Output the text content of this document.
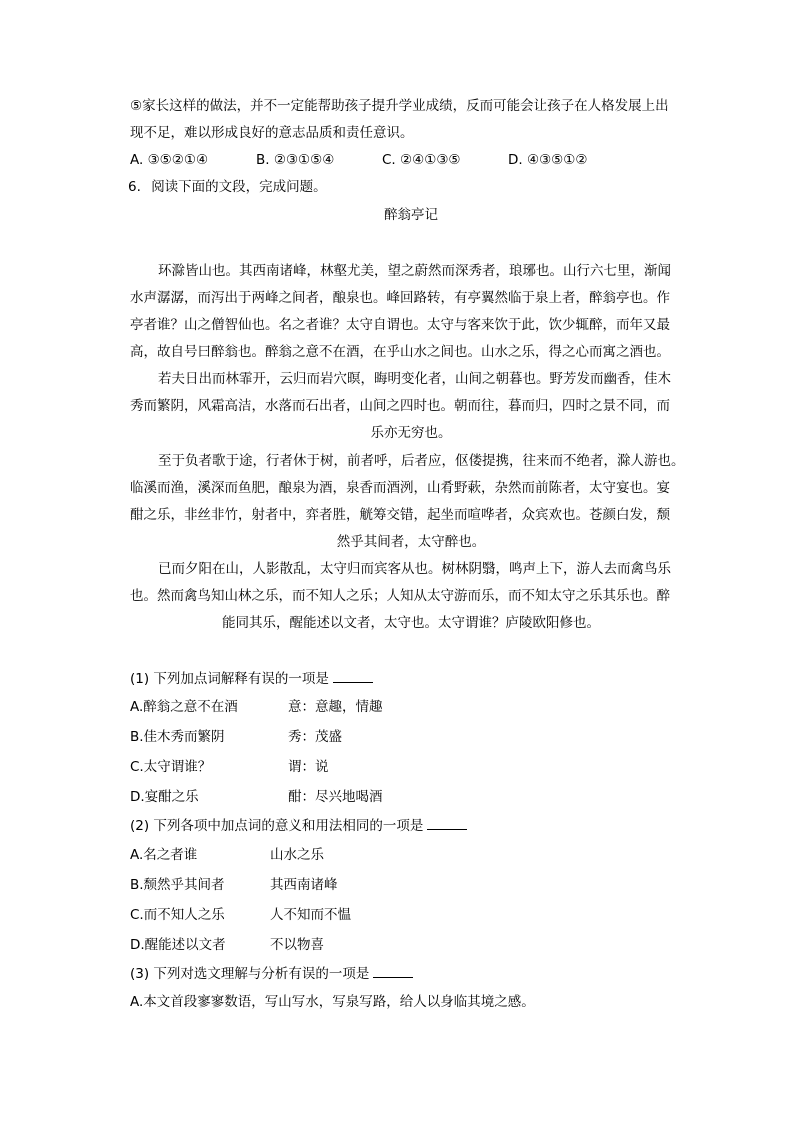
⑤家长这样的做法，并不一定能帮助孩子提升学业成绩，反而可能会让孩子在人格发展上出
现不足，难以形成良好的意志品质和责任意识。
A. ③⑤②①④	B. ②③①⑤④	C. ②④①③⑤	D. ④③⑤①②
6. 阅读下面的文段，完成问题。
醉翁亭记
环滁皆山也。其西南诸峰，林壑尤美，望之蔚然而深秀者，琅琊也。山行六七里，渐闻
水声潺潺，而泻出于两峰之间者，酿泉也。峰回路转，有亭翼然临于泉上者，醉翁亭也。作
亭者谁？山之僧智仙也。名之者谁？太守自谓也。太守与客来饮于此，饮少辄醉，而年又最
高，故自号曰醉翁也。醉翁之意不在酒，在乎山水之间也。山水之乐，得之心而寓之酒也。
若夫日出而林霏开，云归而岩穴暝，晦明变化者，山间之朝暮也。野芳发而幽香，佳木
秀而繁阴，风霜高洁，水落而石出者，山间之四时也。朝而往，暮而归，四时之景不同，而
乐亦无穷也。
至于负者歌于途，行者休于树，前者呼，后者应，伛偻提携，往来而不绝者，滁人游也。
临溪而渔，溪深而鱼肥，酿泉为酒，泉香而酒洌，山肴野蔌，杂然而前陈者，太守宴也。宴
酣之乐，非丝非竹，射者中，弈者胜，觥筹交错，起坐而喧哗者，众宾欢也。苍颜白发，颓
然乎其间者，太守醉也。
已而夕阳在山，人影散乱，太守归而宾客从也。树林阴翳，鸣声上下，游人去而禽鸟乐
也。然而禽鸟知山林之乐，而不知人之乐；人知从太守游而乐，而不知太守之乐其乐也。醉
能同其乐，醒能述以文者，太守也。太守谓谁？庐陵欧阳修也。
(1) 下列加点词解释有误的一项是
A.醉翁之意不在酒	意：意趣，情趣
B.佳木秀而繁阴	秀：茂盛
C.太守谓谁？	谓：说
D.宴酣之乐	酣：尽兴地喝酒
(2) 下列各项中加点词的意义和用法相同的一项是
A.名之者谁	山水之乐
B.颓然乎其间者	其西南诸峰
C.而不知人之乐	人不知而不愠
D.醒能述以文者	不以物喜
(3) 下列对选文理解与分析有误的一项是
A.本文首段寥寥数语，写山写水，写泉写路，给人以身临其境之感。
